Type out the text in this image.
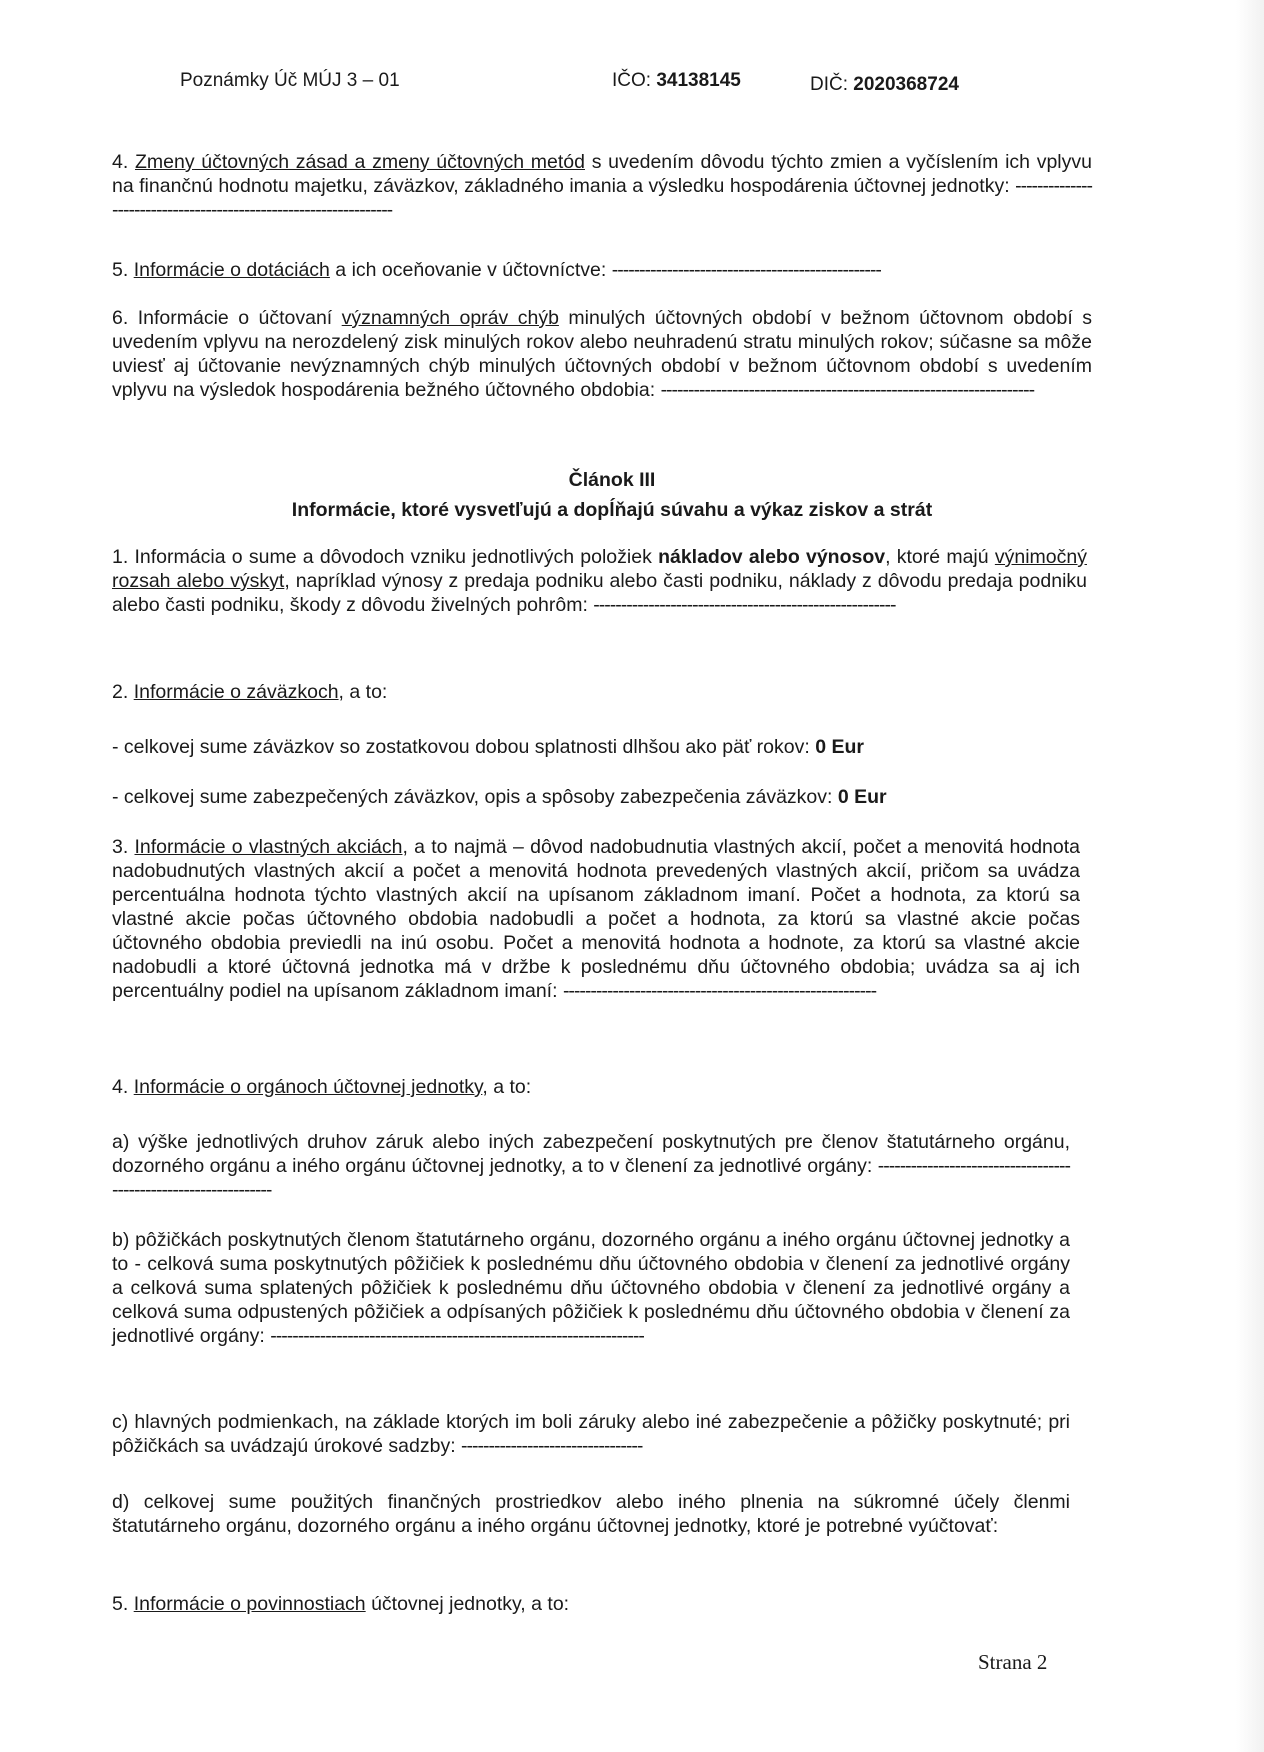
Poznámky Úč MÚJ 3 – 01	IČO: 34138145	DIČ: 2020368724
4. Zmeny účtovných zásad a zmeny účtovných metód s uvedením dôvodu týchto zmien a vyčíslením ich vplyvu na finančnú hodnotu majetku, záväzkov, základného imania a výsledku hospodárenia účtovnej jednotky: -----------------------------------------------------------------
5. Informácie o dotáciách a ich oceňovanie v účtovníctve: -------------------------------------------------
6. Informácie o účtovaní významných opráv chýb minulých účtovných období v bežnom účtovnom období s uvedením vplyvu na nerozdelený zisk minulých rokov alebo neuhradenú stratu minulých rokov; súčasne sa môže uviesť aj účtovanie nevýznamných chýb minulých účtovných období v bežnom účtovnom období s uvedením vplyvu na výsledok hospodárenia bežného účtovného obdobia: --------------------------------------------------------------------
Článok III
Informácie, ktoré vysvetľujú a dopĺňajú súvahu a výkaz ziskov a strát
1. Informácia o sume a dôvodoch vzniku jednotlivých položiek nákladov alebo výnosov, ktoré majú výnimočný rozsah alebo výskyt, napríklad výnosy z predaja podniku alebo časti podniku, náklady z dôvodu predaja podniku alebo časti podniku, škody z dôvodu živelných pohrôm: -------------------------------------------------------
2. Informácie o záväzkoch, a to:
- celkovej sume záväzkov so zostatkovou dobou splatnosti dlhšou ako päť rokov: 0 Eur
- celkovej sume zabezpečených záväzkov, opis a spôsoby zabezpečenia záväzkov: 0 Eur
3. Informácie o vlastných akciách, a to najmä – dôvod nadobudnutia vlastných akcií, počet a menovitá hodnota nadobudnutých vlastných akcií a počet a menovitá hodnota prevedených vlastných akcií, pričom sa uvádza percentuálna hodnota týchto vlastných akcií na upísanom základnom imaní. Počet a hodnota, za ktorú sa vlastné akcie počas účtovného obdobia nadobudli a počet a hodnota, za ktorú sa vlastné akcie počas účtovného obdobia previedli na inú osobu. Počet a menovitá hodnota a hodnote, za ktorú sa vlastné akcie nadobudli a ktoré účtovná jednotka má v držbe k poslednému dňu účtovného obdobia; uvádza sa aj ich percentuálny podiel na upísanom základnom imaní: ---------------------------------------------------------
4. Informácie o orgánoch účtovnej jednotky, a to:
a) výške jednotlivých druhov záruk alebo iných zabezpečení poskytnutých pre členov štatutárneho orgánu, dozorného orgánu a iného orgánu účtovnej jednotky, a to v členení za jednotlivé orgány: ----------------------------------------------------------------
b) pôžičkách poskytnutých členom štatutárneho orgánu, dozorného orgánu a iného orgánu účtovnej jednotky a to - celková suma poskytnutých pôžičiek k poslednému dňu účtovného obdobia v členení za jednotlivé orgány a celková suma splatených pôžičiek k poslednému dňu účtovného obdobia v členení za jednotlivé orgány a celková suma odpustených pôžičiek a odpísaných pôžičiek k poslednému dňu účtovného obdobia v členení za jednotlivé orgány: --------------------------------------------------------------------
c) hlavných podmienkach, na základe ktorých im boli záruky alebo iné zabezpečenie a pôžičky poskytnuté; pri pôžičkách sa uvádzajú úrokové sadzby: ---------------------------------
d) celkovej sume použitých finančných prostriedkov alebo iného plnenia na súkromné účely členmi štatutárneho orgánu, dozorného orgánu a iného orgánu účtovnej jednotky, ktoré je potrebné vyúčtovať:
5. Informácie o povinnostiach účtovnej jednotky, a to:
Strana 2
